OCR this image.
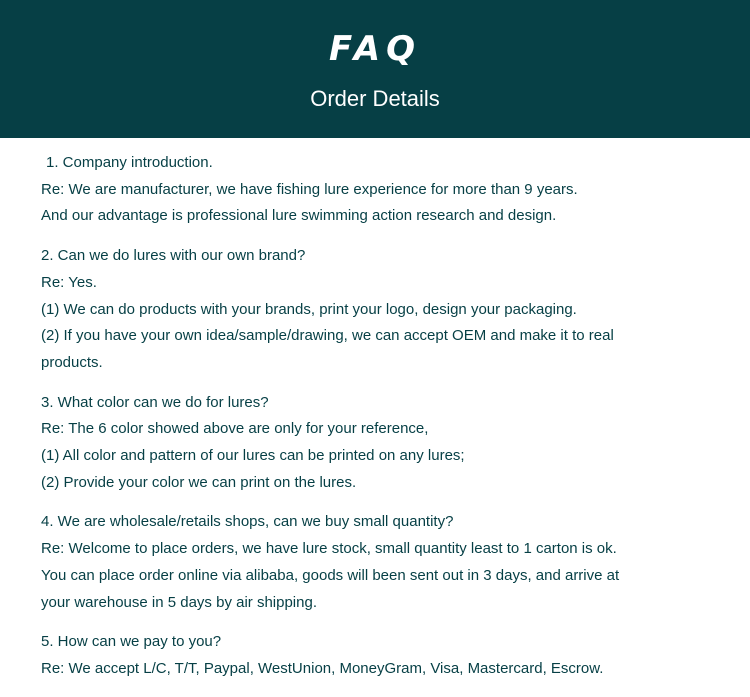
FAQ
Order Details
1. Company introduction.
Re: We are manufacturer, we have fishing lure experience for more than 9 years.
And our advantage is professional lure swimming action research and design.
2. Can we do lures with our own brand?
Re: Yes.
(1) We can do products with your brands, print your logo, design your packaging.
(2) If you have your own idea/sample/drawing, we can accept OEM and make it to real
products.
3. What color can we do for lures?
Re: The 6 color showed above are only for your reference,
(1) All color and pattern of our lures can be printed on any lures;
(2) Provide your color we can print on the lures.
4. We are wholesale/retails shops, can we buy small quantity?
Re: Welcome to place orders, we have lure stock, small quantity least to 1 carton is ok.
You can place order online via alibaba, goods will been sent out in 3 days, and arrive at
your warehouse in 5 days by air shipping.
5. How can we pay to you?
Re: We accept L/C, T/T, Paypal, WestUnion, MoneyGram, Visa, Mastercard, Escrow.
